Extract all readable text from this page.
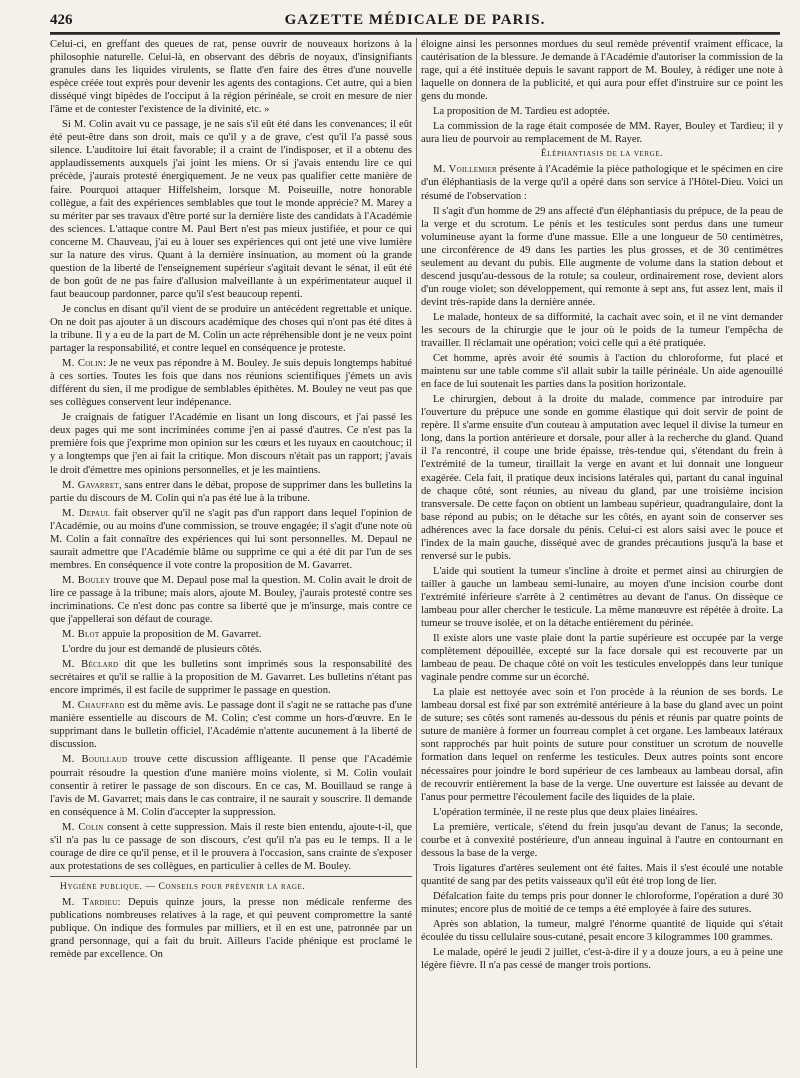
426	GAZETTE MÉDICALE DE PARIS.

Celui-ci, en greffant des queues de rat, pense ouvrir de nouveaux horizons à la philosophie naturelle. Celui-là, en observant des débris de noyaux, d'insignifiants granules dans les liquides virulents, se flatte d'en faire des êtres d'une nouvelle espèce créée tout exprès pour devenir les agents des contagions. Cet autre, qui a bien disséqué vingt bipèdes de l'occiput à la région périnéale, se croit en mesure de nier l'âme et de contester l'existence de la divinité, etc. »

Si M. Colin avait vu ce passage, je ne sais s'il eût été dans les convenances; il eût été peut-être dans son droit, mais ce qu'il y a de grave, c'est qu'il l'a passé sous silence. L'auditoire lui était favorable; il a craint de l'indisposer, et il a obtenu des applaudissements auxquels j'ai joint les miens. Or si j'avais entendu lire ce qui précède, j'aurais protesté énergiquement. Je ne veux pas qualifier cette manière de faire. Pourquoi attaquer Hiffelsheim, lorsque M. Poiseuille, notre honorable collègue, a fait des expériences semblables que tout le monde apprécie? M. Marey a su mériter par ses travaux d'être porté sur la dernière liste des candidats à l'Académie des sciences. L'attaque contre M. Paul Bert n'est pas mieux justifiée, et pour ce qui concerne M. Chauveau, j'ai eu à louer ses expériences qui ont jeté une vive lumière sur la nature des virus. Quant à la dernière insinuation, au moment où la grande question de la liberté de l'enseignement supérieur s'agitait devant le sénat, il eût été de bon goût de ne pas faire d'allusion malveillante à un expérimentateur auquel il faut beaucoup pardonner, parce qu'il s'est beaucoup repenti.

Je conclus en disant qu'il vient de se produire un antécédent regrettable et unique. On ne doit pas ajouter à un discours académique des choses qui n'ont pas été dites à la tribune. Il y a eu de la part de M. Colin un acte répréhensible dont je ne veux point partager la responsabilité, et contre lequel en conséquence je proteste.

M. Colin: Je ne veux pas répondre à M. Bouley. Je suis depuis longtemps habitué à ces sorties. Toutes les fois que dans nos réunions scientifiques j'émets un avis différent du sien, il me prodigue de semblables épithètes. M. Bouley ne veut pas que ses collègues conservent leur indépenance.

Je craignais de fatiguer l'Académie en lisant un long discours, et j'ai passé les deux pages qui me sont incriminées comme j'en ai passé d'autres. Ce n'est pas la première fois que j'exprime mon opinion sur les cœurs et les tuyaux en caoutchouc; il y a longtemps que j'en ai fait la critique. Mon discours n'était pas un rapport; j'avais le droit d'émettre mes opinions personnelles, et je les maintiens.

M. Gavarret, sans entrer dans le débat, propose de supprimer dans les bulletins la partie du discours de M. Colin qui n'a pas été lue à la tribune.

M. Depaul fait observer qu'il ne s'agit pas d'un rapport dans lequel l'opinion de l'Académie, ou au moins d'une commission, se trouve engagée; il s'agit d'une note où M. Colin a fait connaître des expériences qui lui sont personnelles. M. Depaul ne saurait admettre que l'Académie blâme ou supprime ce qui a été dit par l'un de ses membres. En conséquence il vote contre la proposition de M. Gavarret.

M. Bouley trouve que M. Depaul pose mal la question. M. Colin avait le droit de lire ce passage à la tribune; mais alors, ajoute M. Bouley, j'aurais protesté contre ses incriminations. Ce n'est donc pas contre sa liberté que je m'insurge, mais contre ce que j'appellerai son défaut de courage.

M. Blot appuie la proposition de M. Gavarret.

L'ordre du jour est demandé de plusieurs côtés.

M. Béclard dit que les bulletins sont imprimés sous la responsabilité des secrétaires et qu'il se rallie à la proposition de M. Gavarret. Les bulletins n'étant pas encore imprimés, il est facile de supprimer le passage en question.

M. Chauffard est du même avis. Le passage dont il s'agit ne se rattache pas d'une manière essentielle au discours de M. Colin; c'est comme un hors-d'œuvre. En le supprimant dans le bulletin officiel, l'Académie n'attente aucunement à la liberté de discussion.

M. Bouillaud trouve cette discussion affligeante. Il pense que l'Académie pourrait résoudre la question d'une manière moins violente, si M. Colin voulait consentir à retirer le passage de son discours. En ce cas, M. Bouillaud se range à l'avis de M. Gavarret; mais dans le cas contraire, il ne saurait y souscrire. Il demande en conséquence à M. Colin d'accepter la suppression.

M. Colin consent à cette suppression. Mais il reste bien entendu, ajoute-t-il, que s'il n'a pas lu ce passage de son discours, c'est qu'il n'a pas eu le temps. Il a le courage de dire ce qu'il pense, et il le prouvera à l'occasion, sans crainte de s'exposer aux protestations de ses collègues, en particulier à celles de M. Bouley.

Hygiène publique. — Conseils pour prévenir la rage.

M. Tardieu: Depuis quinze jours, la presse non médicale renferme des publications nombreuses relatives à la rage, et qui peuvent compromettre la santé publique. On indique des formules par milliers, et il en est une, patronnée par un grand personnage, qui a fait du bruit. Ailleurs l'acide phénique est proclamé le remède par excellence. On

éloigne ainsi les personnes mordues du seul remède préventif vraiment efficace, la cautérisation de la blessure. Je demande à l'Académie d'autoriser la commission de la rage, qui a été instituée depuis le savant rapport de M. Bouley, à rédiger une note à laquelle on donnera de la publicité, et qui aura pour effet d'instruire sur ce point les gens du monde.

La proposition de M. Tardieu est adoptée.

La commission de la rage était composée de MM. Rayer, Bouley et Tardieu; il y aura lieu de pourvoir au remplacement de M. Rayer.

Éléphantiasis de la verge.

M. Voillemier présente à l'Académie la pièce pathologique et le spécimen en cire d'un éléphantiasis de la verge qu'il a opéré dans son service à l'Hôtel-Dieu. Voici un résumé de l'observation :

Il s'agit d'un homme de 29 ans affecté d'un éléphantiasis du prépuce, de la peau de la verge et du scrotum. Le pénis et les testicules sont perdus dans une tumeur volumineuse ayant la forme d'une massue. Elle a une longueur de 50 centimètres, une circonférence de 49 dans les parties les plus grosses, et de 30 centimètres seulement au devant du pubis. Elle augmente de volume dans la station debout et descend jusqu'au-dessous de la rotule; sa couleur, ordinairement rose, devient alors d'un rouge violet; son développement, qui remonte à sept ans, fut assez lent, mais il devint très-rapide dans la dernière année.

Le malade, honteux de sa difformité, la cachait avec soin, et il ne vint demander les secours de la chirurgie que le jour où le poids de la tumeur l'empêcha de travailler. Il réclamait une opération; voici celle qui a été pratiquée.

Cet homme, après avoir été soumis à l'action du chloroforme, fut placé et maintenu sur une table comme s'il allait subir la taille périnéale. Un aide agenouillé en face de lui soutenait les parties dans la position horizontale.

Le chirurgien, debout à la droite du malade, commence par introduire par l'ouverture du prépuce une sonde en gomme élastique qui doit servir de point de repère. Il s'arme ensuite d'un couteau à amputation avec lequel il divise la tumeur en long, dans la portion antérieure et dorsale, pour aller à la recherche du gland. Quand il l'a rencontré, il coupe une bride épaisse, très-tendue qui, s'étendant du frein à l'extrémité de la tumeur, tiraillait la verge en avant et lui donnait une longueur exagérée. Cela fait, il pratique deux incisions latérales qui, partant du canal inguinal de chaque côté, sont réunies, au niveau du gland, par une troisième incision transversale. De cette façon on obtient un lambeau supérieur, quadrangulaire, dont la base répond au pubis; on le détache sur les côtés, en ayant soin de conserver ses adhérences avec la face dorsale du pénis. Celui-ci est alors saisi avec le pouce et l'index de la main gauche, disséqué avec de grandes précautions jusqu'à la base et renversé sur le pubis.

L'aide qui soutient la tumeur s'incline à droite et permet ainsi au chirurgien de tailler à gauche un lambeau semi-lunaire, au moyen d'une incision courbe dont l'extrémité inférieure s'arrête à 2 centimètres au devant de l'anus. On dissèque ce lambeau pour aller chercher le testicule. La même manœuvre est répétée à droite. La tumeur se trouve isolée, et on la détache entièrement du périnée.

Il existe alors une vaste plaie dont la partie supérieure est occupée par la verge complètement dépouillée, excepté sur la face dorsale qui est recouverte par un lambeau de peau. De chaque côté on voit les testicules enveloppés dans leur tunique vaginale pendre comme sur un écorché.

La plaie est nettoyée avec soin et l'on procède à la réunion de ses bords. Le lambeau dorsal est fixé par son extrémité antérieure à la base du gland avec un point de suture; ses côtés sont ramenés au-dessous du pénis et réunis par quatre points de suture de manière à former un fourreau complet à cet organe. Les lambeaux latéraux sont rapprochés par huit points de suture pour constituer un scrotum de nouvelle formation dans lequel on renferme les testicules. Deux autres points sont encore nécessaires pour joindre le bord supérieur de ces lambeaux au lambeau dorsal, afin de recouvrir entièrement la base de la verge. Une ouverture est laissée au devant de l'anus pour permettre l'écoulement facile des liquides de la plaie.

L'opération terminée, il ne reste plus que deux plaies linéaires.

La première, verticale, s'étend du frein jusqu'au devant de l'anus; la seconde, courbe et à convexité postérieure, d'un anneau inguinal à l'autre en contournant en dessous la base de la verge.

Trois ligatures d'artères seulement ont été faites. Mais il s'est écoulé une notable quantité de sang par des petits vaisseaux qu'il eût été trop long de lier.

Défalcation faite du temps pris pour donner le chloroforme, l'opération a duré 30 minutes; encore plus de moitié de ce temps a été employée à faire des sutures.

Après son ablation, la tumeur, malgré l'énorme quantité de liquide qui s'était écoulée du tissu cellulaire sous-cutané, pesait encore 3 kilogrammes 100 grammes.

Le malade, opéré le jeudi 2 juillet, c'est-à-dire il y a douze jours, a eu à peine une légère fièvre. Il n'a pas cessé de manger trois portions.
